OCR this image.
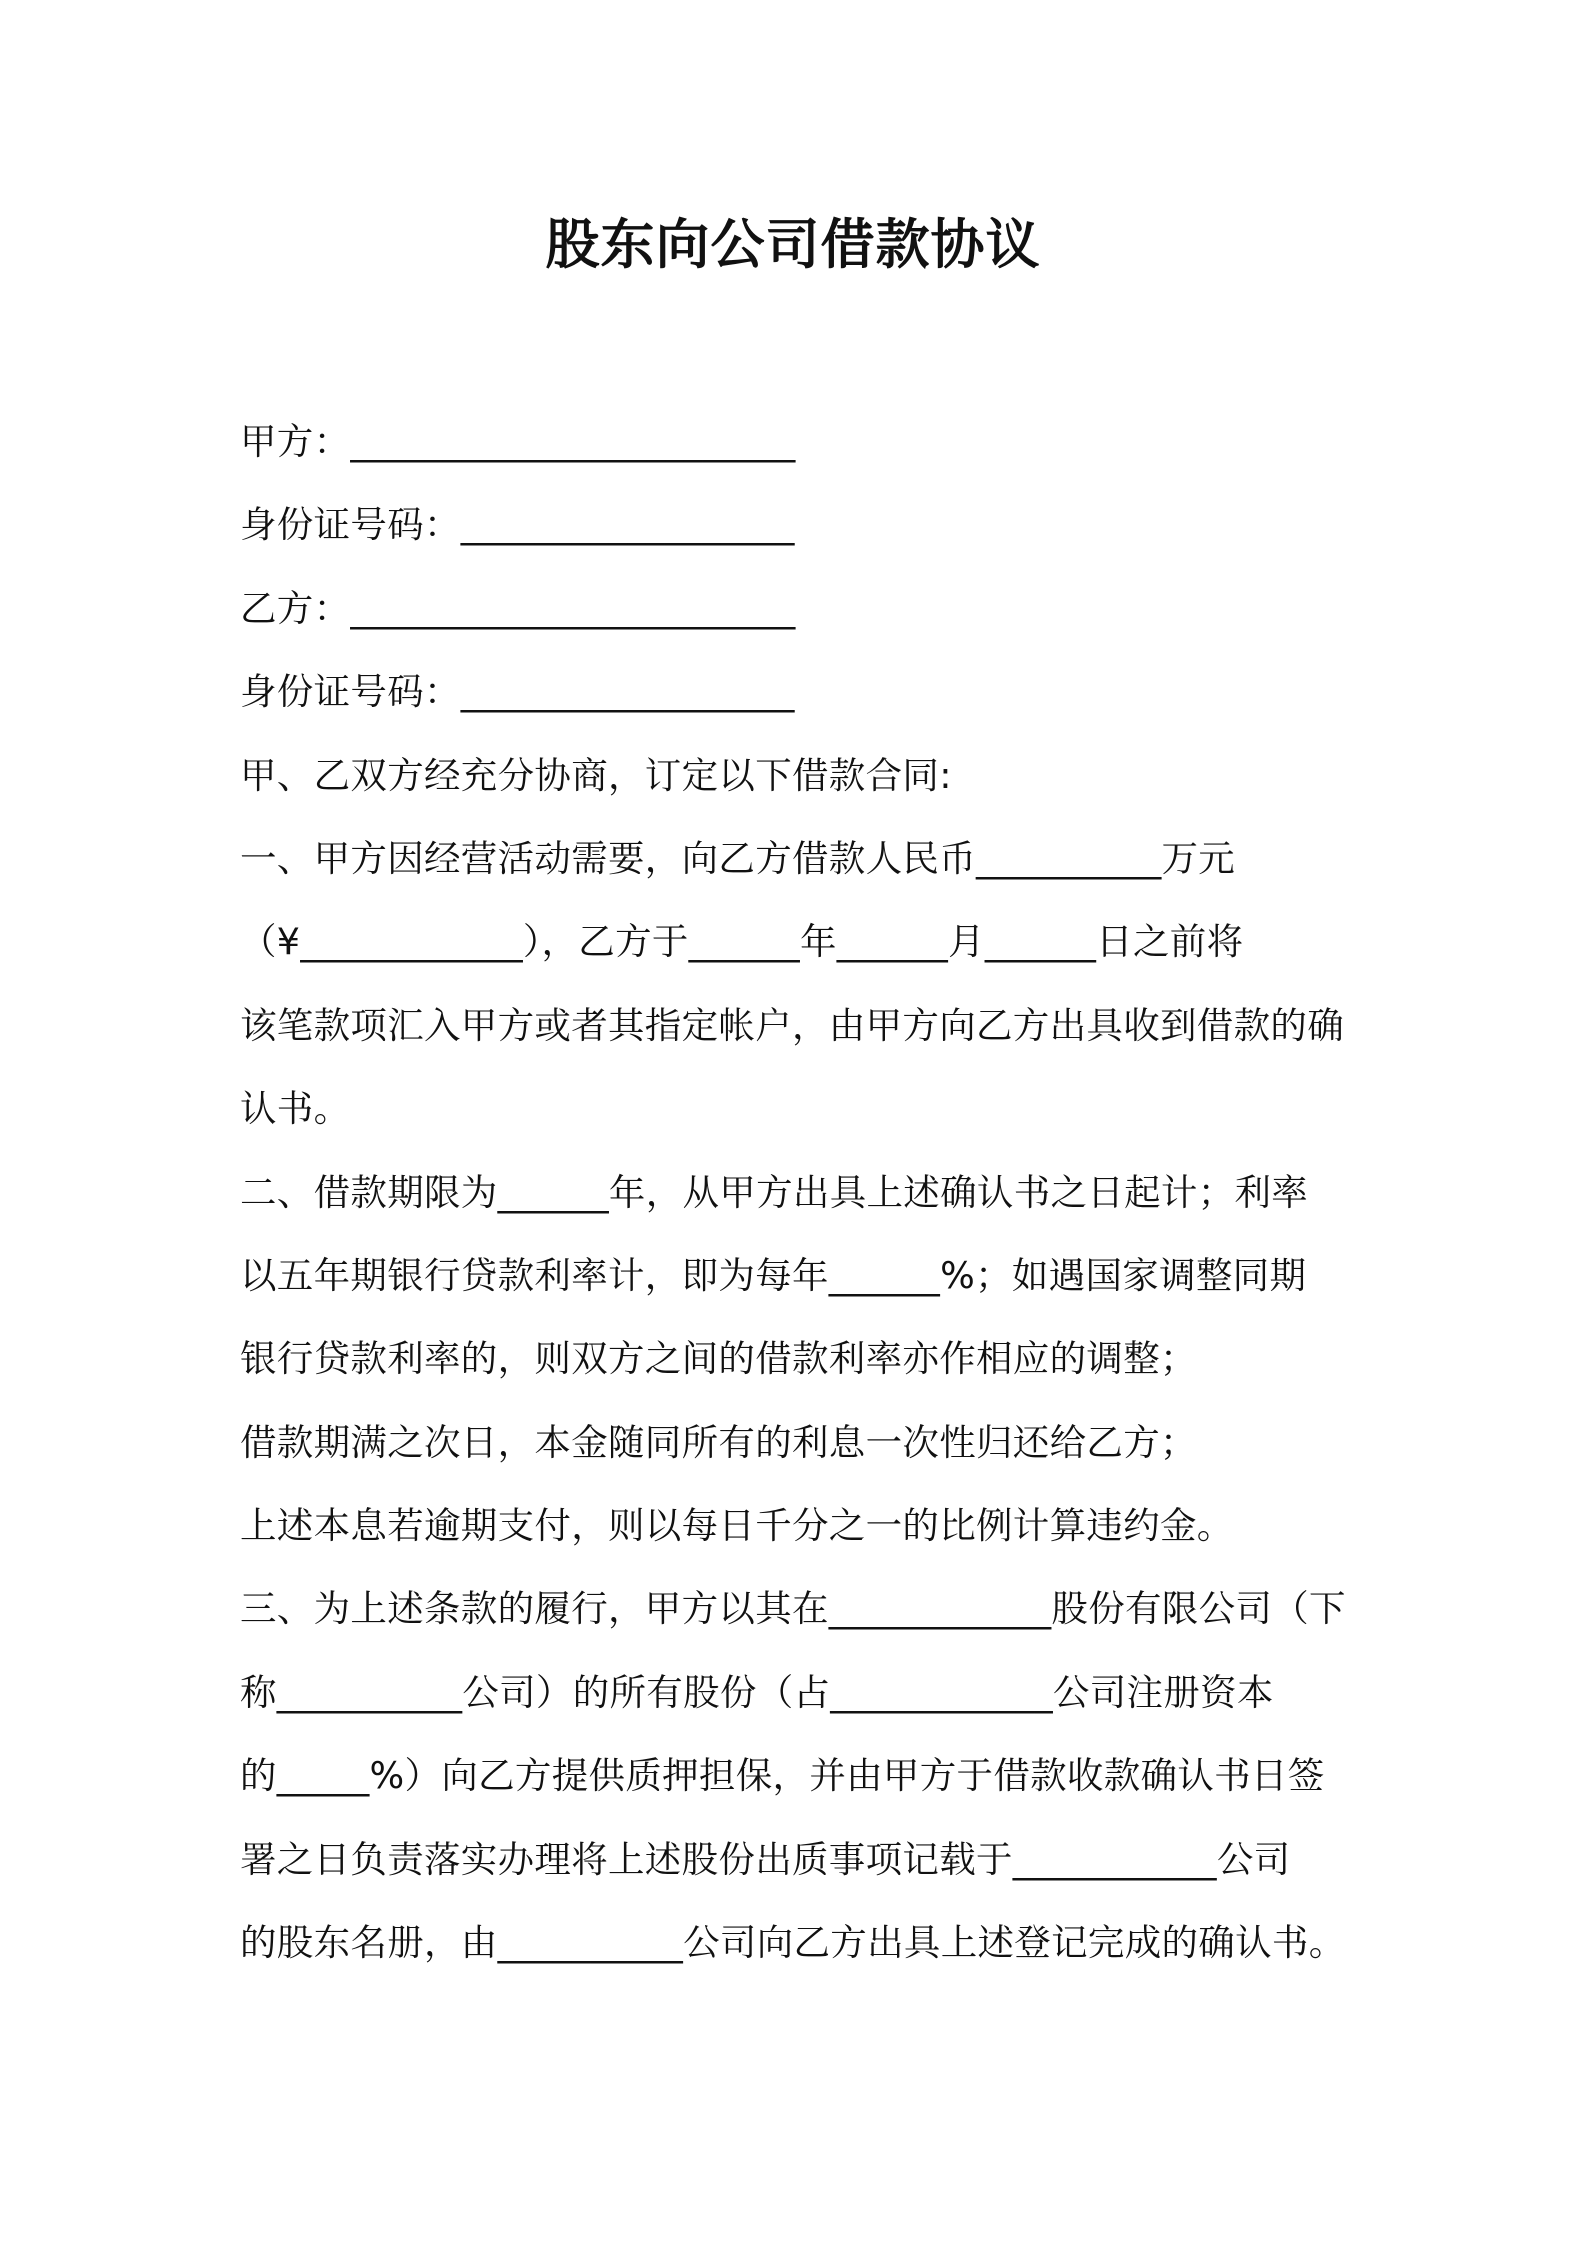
股东向公司借款协议
甲方：________________________
身份证号码：__________________
乙方：________________________
身份证号码：__________________
甲、乙双方经充分协商，订定以下借款合同:
一、甲方因经营活动需要，向乙方借款人民币__________万元
（¥____________），乙方于______年______月______日之前将
该笔款项汇入甲方或者其指定帐户，由甲方向乙方出具收到借款的确
认书。
二、借款期限为______年，从甲方出具上述确认书之日起计；利率
以五年期银行贷款利率计，即为每年______%；如遇国家调整同期
银行贷款利率的，则双方之间的借款利率亦作相应的调整；
借款期满之次日，本金随同所有的利息一次性归还给乙方；
上述本息若逾期支付，则以每日千分之一的比例计算违约金。
三、为上述条款的履行，甲方以其在____________股份有限公司（下
称__________公司）的所有股份（占____________公司注册资本
的_____%）向乙方提供质押担保，并由甲方于借款收款确认书日签
署之日负责落实办理将上述股份出质事项记载于___________公司
的股东名册，由__________公司向乙方出具上述登记完成的确认书。
